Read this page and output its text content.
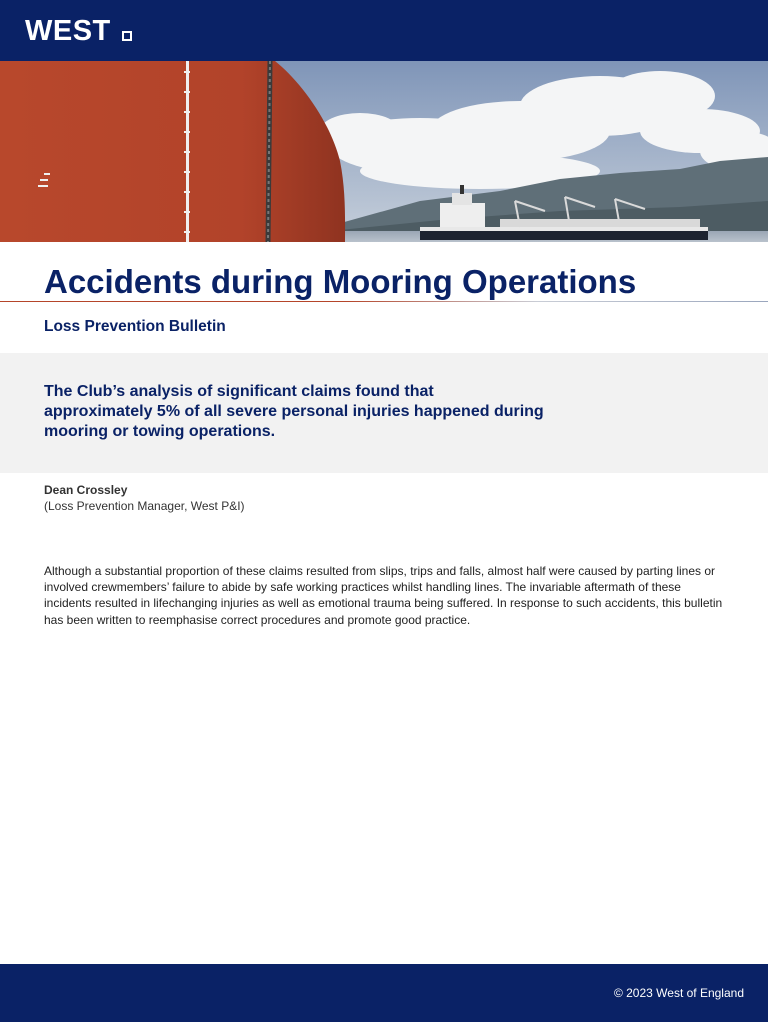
WEST
Accidents during Mooring Operations
Loss Prevention Bulletin

The Club’s analysis of significant claims found that approximately 5% of all severe personal injuries happened during mooring or towing operations.

Dean Crossley
(Loss Prevention Manager, West P&I)

Although a substantial proportion of these claims resulted from slips, trips and falls, almost half were caused by parting lines or involved crewmembers’ failure to abide by safe working practices whilst handling lines. The invariable aftermath of these incidents resulted in lifechanging injuries as well as emotional trauma being suffered. In response to such accidents, this bulletin has been written to reemphasise correct procedures and promote good practice.

© 2023 West of England
